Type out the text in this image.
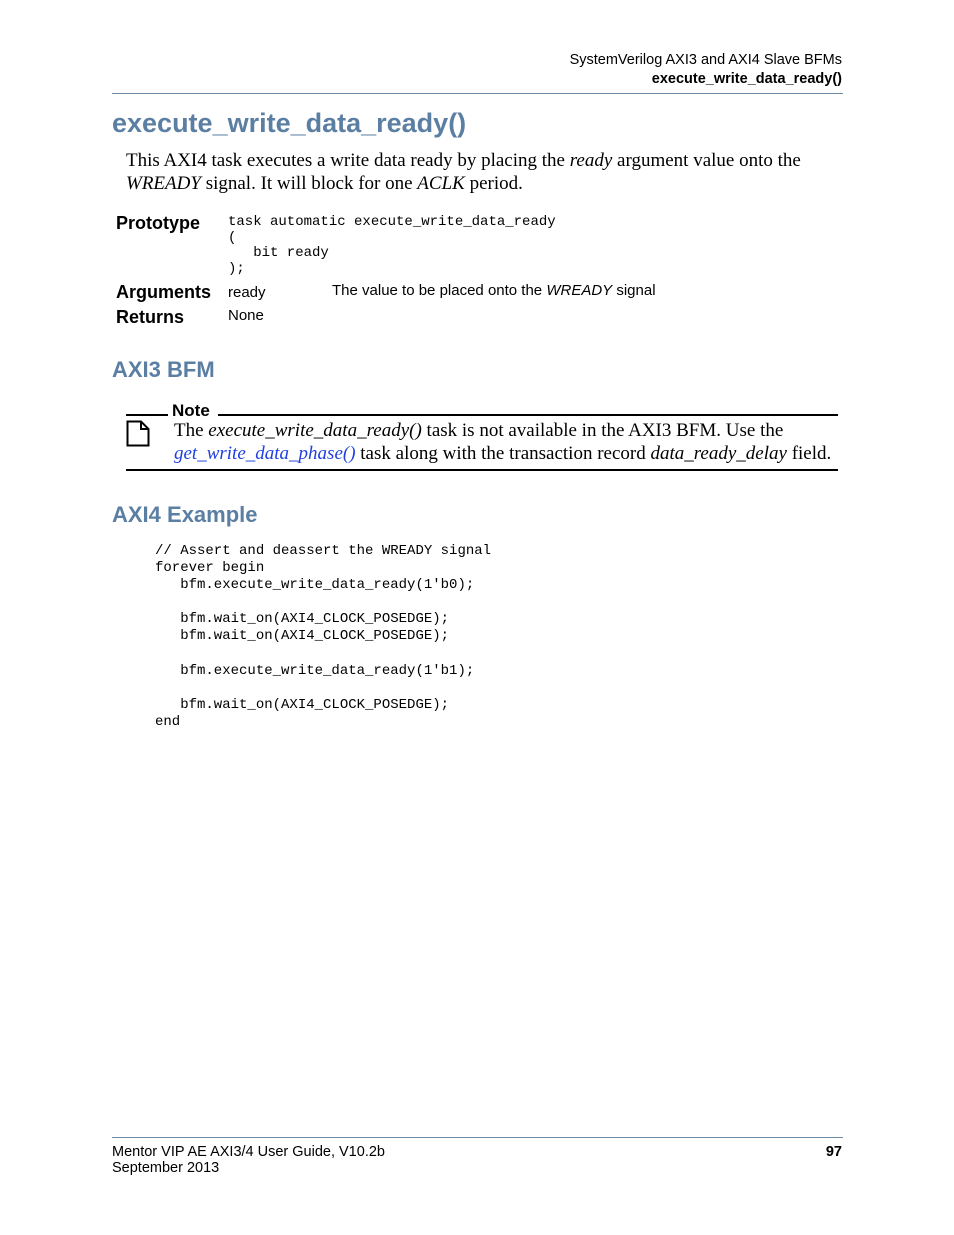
SystemVerilog AXI3 and AXI4 Slave BFMs
execute_write_data_ready()
execute_write_data_ready()
This AXI4 task executes a write data ready by placing the ready argument value onto the WREADY signal. It will block for one ACLK period.
Prototype task automatic execute_write_data_ready
(
bit ready
);
Arguments ready	The value to be placed onto the WREADY signal
Returns	None
AXI3 BFM
Note
The execute_write_data_ready() task is not available in the AXI3 BFM. Use the get_write_data_phase() task along with the transaction record data_ready_delay field.
AXI4 Example
// Assert and deassert the WREADY signal
forever begin
bfm.execute_write_data_ready(1'b0);

bfm.wait_on(AXI4_CLOCK_POSEDGE);
bfm.wait_on(AXI4_CLOCK_POSEDGE);

bfm.execute_write_data_ready(1'b1);

bfm.wait_on(AXI4_CLOCK_POSEDGE);
end
Mentor VIP AE AXI3/4 User Guide, V10.2b
September 2013
97
